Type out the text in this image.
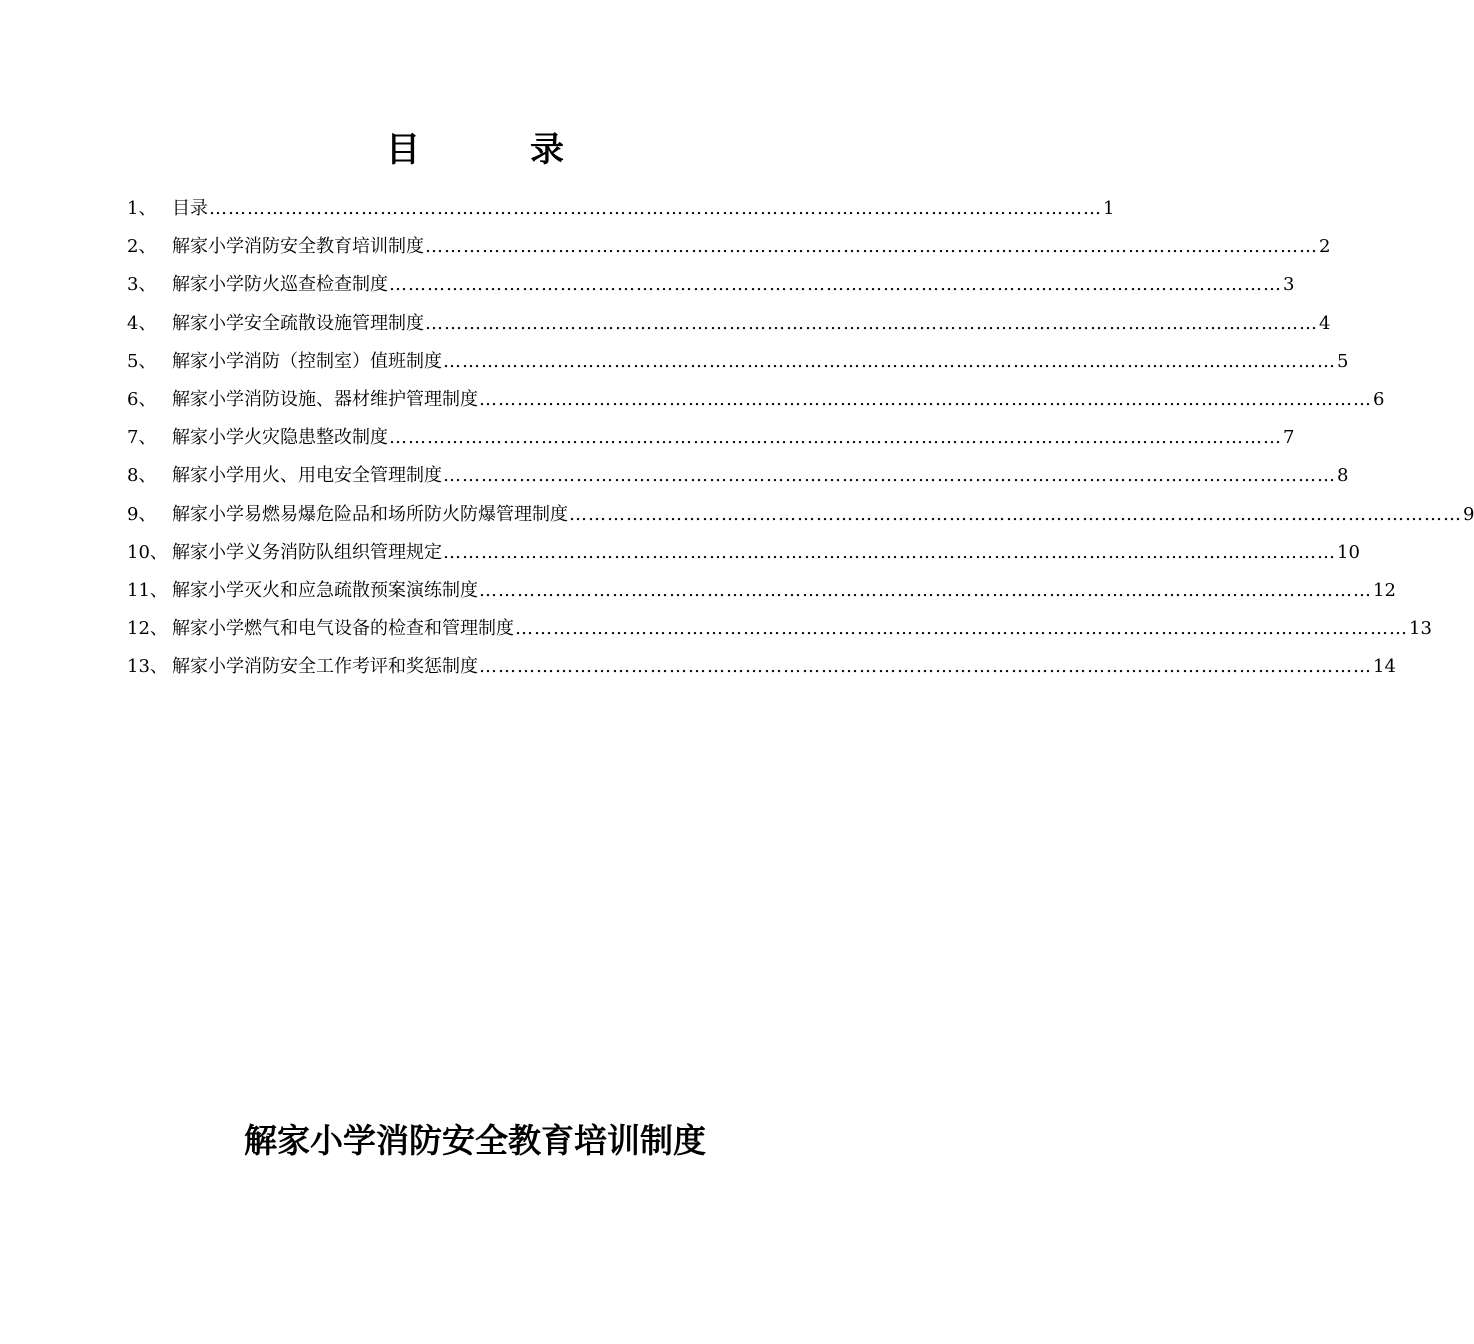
目	录
1、 目录 …………………………………………………………………………………………………………………………… 1
2、 解家小学消防安全教育培训制度 …………………………………………………………………………………………………………………………… 2
3、 解家小学防火巡查检查制度 …………………………………………………………………………………………………………………………… 3
4、 解家小学安全疏散设施管理制度 …………………………………………………………………………………………………………………………… 4
5、 解家小学消防（控制室）值班制度 …………………………………………………………………………………………………………………………… 5
6、 解家小学消防设施、器材维护管理制度 …………………………………………………………………………………………………………………………… 6
7、 解家小学火灾隐患整改制度 …………………………………………………………………………………………………………………………… 7
8、 解家小学用火、用电安全管理制度 …………………………………………………………………………………………………………………………… 8
9、 解家小学易燃易爆危险品和场所防火防爆管理制度 …………………………………………………………………………………………………………………………… 9
10、 解家小学义务消防队组织管理规定 …………………………………………………………………………………………………………………………… 10
11、 解家小学灭火和应急疏散预案演练制度 …………………………………………………………………………………………………………………………… 12
12、 解家小学燃气和电气设备的检查和管理制度 …………………………………………………………………………………………………………………………… 13
13、 解家小学消防安全工作考评和奖惩制度 …………………………………………………………………………………………………………………………… 14
解家小学消防安全教育培训制度
